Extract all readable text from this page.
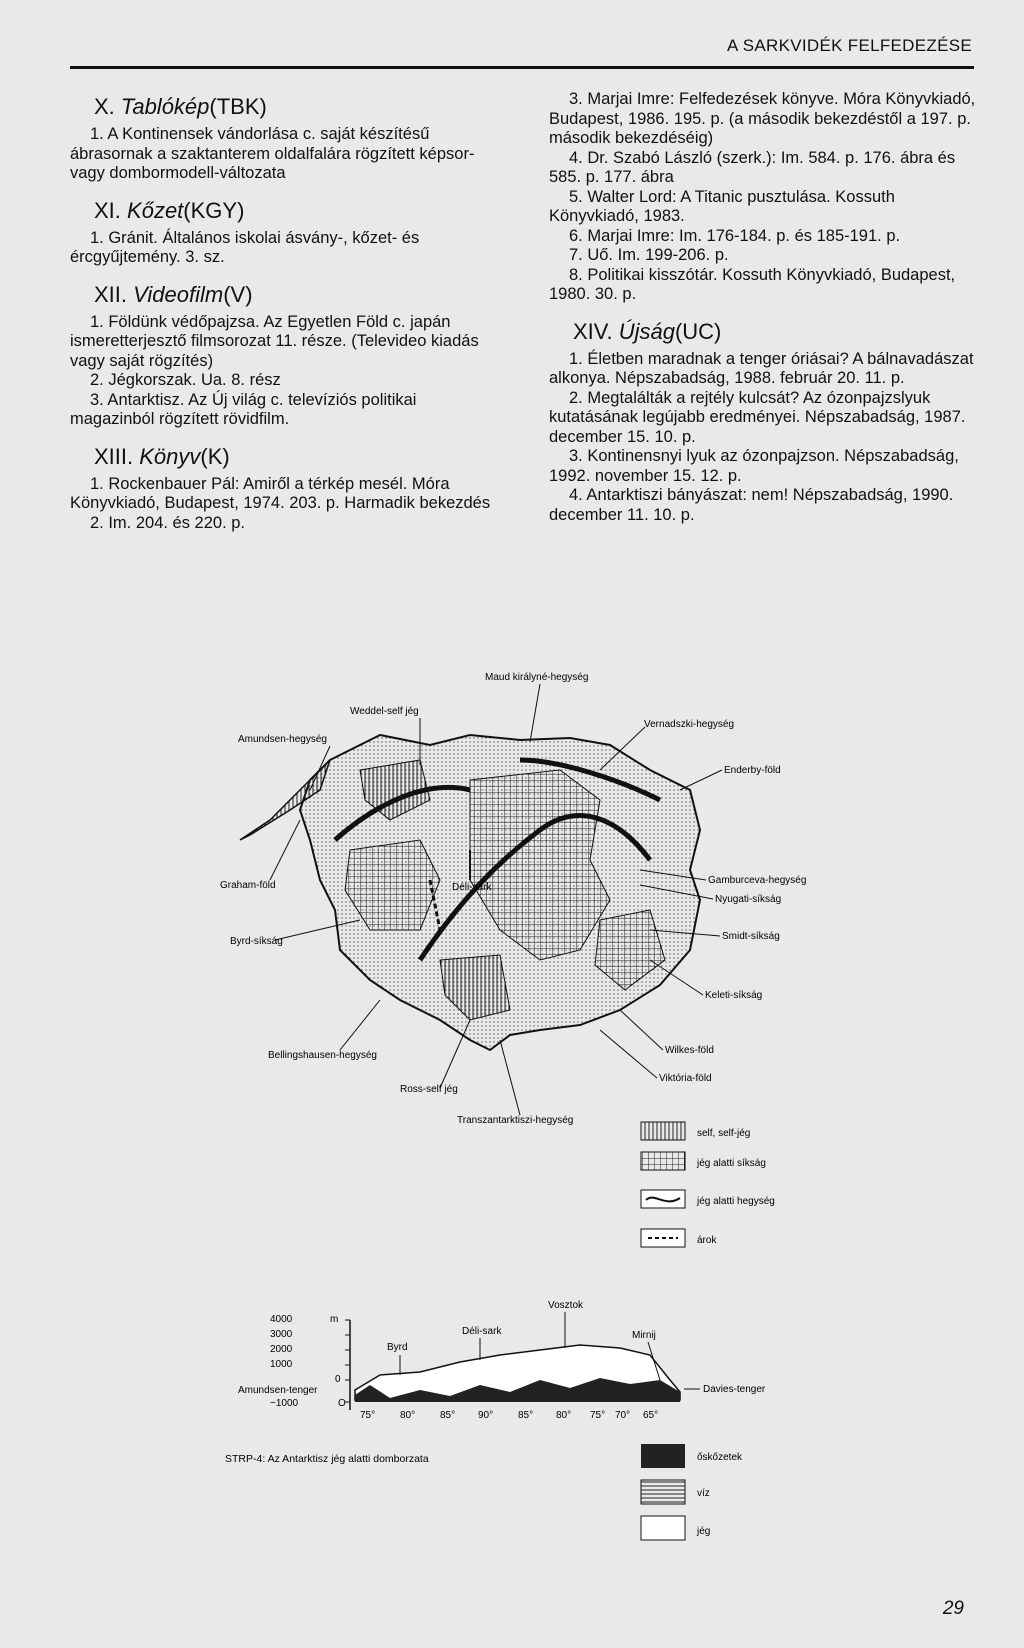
A SARKVIDÉK FELFEDEZÉSE
X. Tablókép(TBK)
1. A Kontinensek vándorlása c. saját készítésű ábrasornak a szaktanterem oldalfalára rögzített képsor- vagy dombormodell-változata
XI. Kőzet(KGY)
1. Gránit. Általános iskolai ásvány-, kőzet- és ércgyűjtemény. 3. sz.
XII. Videofilm(V)
1. Földünk védőpajzsa. Az Egyetlen Föld c. japán ismeretterjesztő filmsorozat 11. része. (Televideo kiadás vagy saját rögzítés)
2. Jégkorszak. Ua. 8. rész
3. Antarktisz. Az Új világ c. televíziós politikai magazinból rögzített rövidfilm.
XIII. Könyv(K)
1. Rockenbauer Pál: Amiről a térkép mesél. Móra Könyvkiadó, Budapest, 1974. 203. p. Harmadik bekezdés
2. Im. 204. és 220. p.
3. Marjai Imre: Felfedezések könyve. Móra Könyvkiadó, Budapest, 1986. 195. p. (a második bekezdéstől a 197. p. második bekezdéséig)
4. Dr. Szabó László (szerk.): Im. 584. p. 176. ábra és 585. p. 177. ábra
5. Walter Lord: A Titanic pusztulása. Kossuth Könyvkiadó, 1983.
6. Marjai Imre: Im. 176-184. p. és 185-191. p.
7. Uő. Im. 199-206. p.
8. Politikai kisszótár. Kossuth Könyvkiadó, Budapest, 1980. 30. p.
XIV. Újság(UC)
1. Életben maradnak a tenger óriásai? A bálnavadászat alkonya. Népszabadság, 1988. február 20. 11. p.
2. Megtalálták a rejtély kulcsát? Az ózonpajzslyuk kutatásának legújabb eredményei. Népszabadság, 1987. december 15. 10. p.
3. Kontinensnyi lyuk az ózonpajzson. Népszabadság, 1992. november 15. 12. p.
4. Antarktiszi bányászat: nem! Népszabadság, 1990. december 11. 10. p.
Maud királyné-hegység
Weddel-self jég
Amundsen-hegység
Vernadszki-hegység
Enderby-föld
Graham-föld	Déli-sark
Gamburceva-hegység
Nyugati-síkság
Byrd-síkság	Smidt-síkság
Keleti-síkság
Bellingshausen-hegység	Wilkes-föld
Viktória-föld
Ross-self jég
Transzantarktiszi-hegység
self, self-jég
jég alatti síkság
jég alatti hegység
árok
4000	m
3000
2000
1000
0
Amundsen-tenger
−1000	O
Byrd
Déli-sark
Vosztok
Mirnij
Davies-tenger
75° 80° 85° 90° 85° 80° 75° 70° 65°
STRP-4: Az Antarktisz jég alatti domborzata	őskőzetek
víz
jég
29
